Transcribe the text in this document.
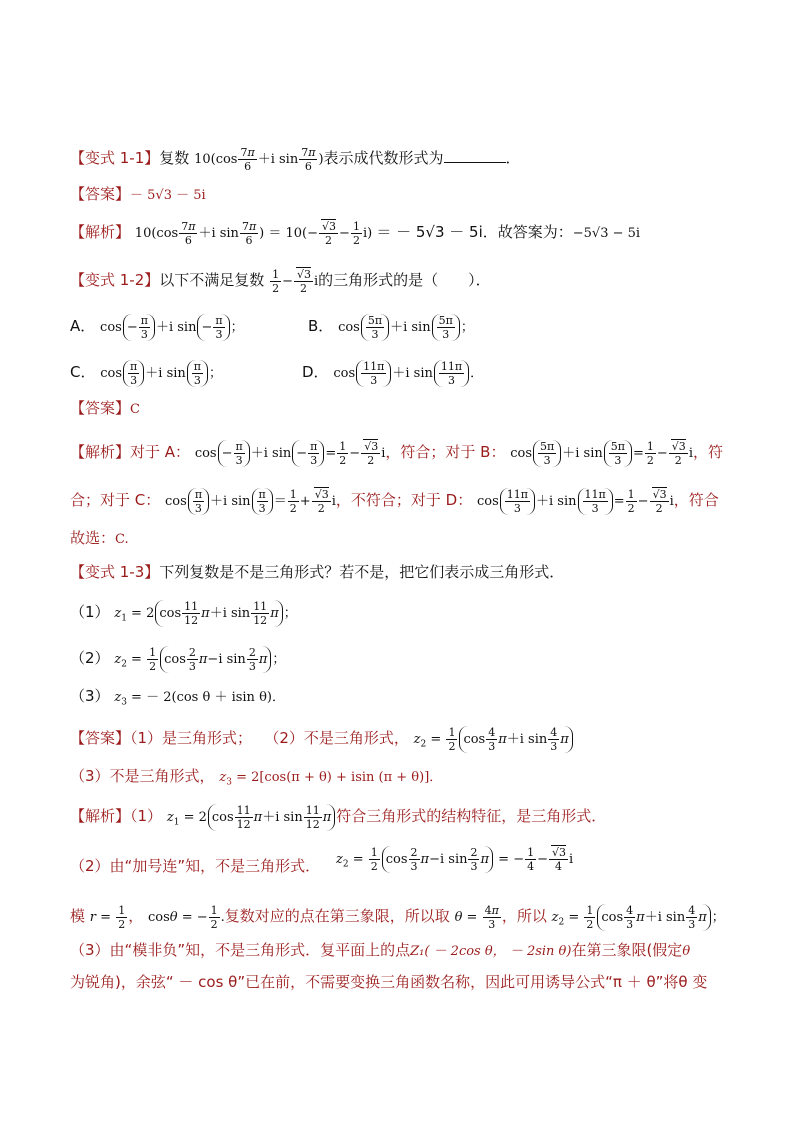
【变式 1-1】复数 $10(\cos \frac{7\pi}{6} +i$ $\sin \frac{7\pi}{6}$ )表示成代数形式为	．
【答案】－ 5√3 － 5i
【解析】 $10(\cos \frac{7\pi}{6} +i$ $\sin \frac{7\pi}{6}$ ) ＝ $10(- \frac{√3}{2} - \frac{1}{2} i)$ ＝ － 5√3 － 5i．故答案为：−5√3 − 5i
【变式 1-2】以下不满足复数 $\frac{1}{2} - \frac{√3}{2}$ i的三角形式的是（　　）．
A． $\cos - \frac{\pi}{3} +i$ $\sin - \frac{\pi}{3}$ ；	B． $\cos \frac{5\pi}{3} +i$ $\sin \frac{5\pi}{3}$ ；
C． $\cos \frac{\pi}{3} +i$ $\sin \frac{\pi}{3}$ ；	D． $\cos \frac{11\pi}{3} +i$ $\sin \frac{11\pi}{3}$ ．
【答案】C
【解析】对于 A： $\cos - \frac{\pi}{3} +i$ $\sin - \frac{\pi}{3} = \frac{1}{2} - \frac{√3}{2}$ i，符合；对于 B： $\cos \frac{5\pi}{3} +i$ $\sin \frac{5\pi}{3} = \frac{1}{2} - \frac{√3}{2}$ i，符
合；对于 C： $\cos \frac{\pi}{3} +i$ $\sin \frac{\pi}{3} = \frac{1}{2} + \frac{√3}{2}$ i，不符合；对于 D： $\cos \frac{11\pi}{3} +i$ $\sin \frac{11\pi}{3} = \frac{1}{2} - \frac{√3}{2}$ i，符合
故选：C.
【变式 1-3】下列复数是不是三角形式？若不是，把它们表示成三角形式．
（1） $z_1 = 2$ $\cos \frac{11}{12} \pi+i$ $\sin \frac{11}{12}$ π ；
（2） $z_2 = \frac{1}{2}$ $\cos \frac{2}{3} \pi-i$ $\sin \frac{2}{3}$ π ；
（3） $z_3$ = － 2(cos θ ＋ isin θ)．
【答案】（1）是三角形式；　 （2）不是三角形式， $z_2 = \frac{1}{2}$ $\cos \frac{4}{3} \pi+i$ $\sin \frac{4}{3}$ π
（3）不是三角形式， $z_3 = 2[\cos(\pi + \theta) + isin$ (π + θ)]．
【解析】（1） $z_1 = 2$ $\cos \frac{11}{12} \pi+i$ $\sin \frac{11}{12}$ π 符合三角形式的结构特征，是三角形式．
（2）由“加号连”知，不是三角形式． $z_2 = \frac{1}{2}$ $\cos \frac{2}{3} \pi-i$ $\sin \frac{2}{3}$ π = − $\frac{1}{4} - \frac{√3}{4}$ i
模 $r = \frac{1}{2}$ ， cosθ = − $\frac{1}{2}$ .复数对应的点在第三象限，所以取 $\theta = \frac{4\pi}{3}$ ，所以 $z_2 = \frac{1}{2}$ $\cos \frac{4}{3} \pi+i$ $\sin \frac{4}{3}$ π ；
（3）由“模非负”知，不是三角形式．复平面上的点Z₁( － 2cos θ， － 2sin θ)在第三象限(假定θ
为锐角)，余弦“ － cos θ”已在前，不需要变换三角函数名称，因此可用诱导公式“π ＋ θ”将θ 变
